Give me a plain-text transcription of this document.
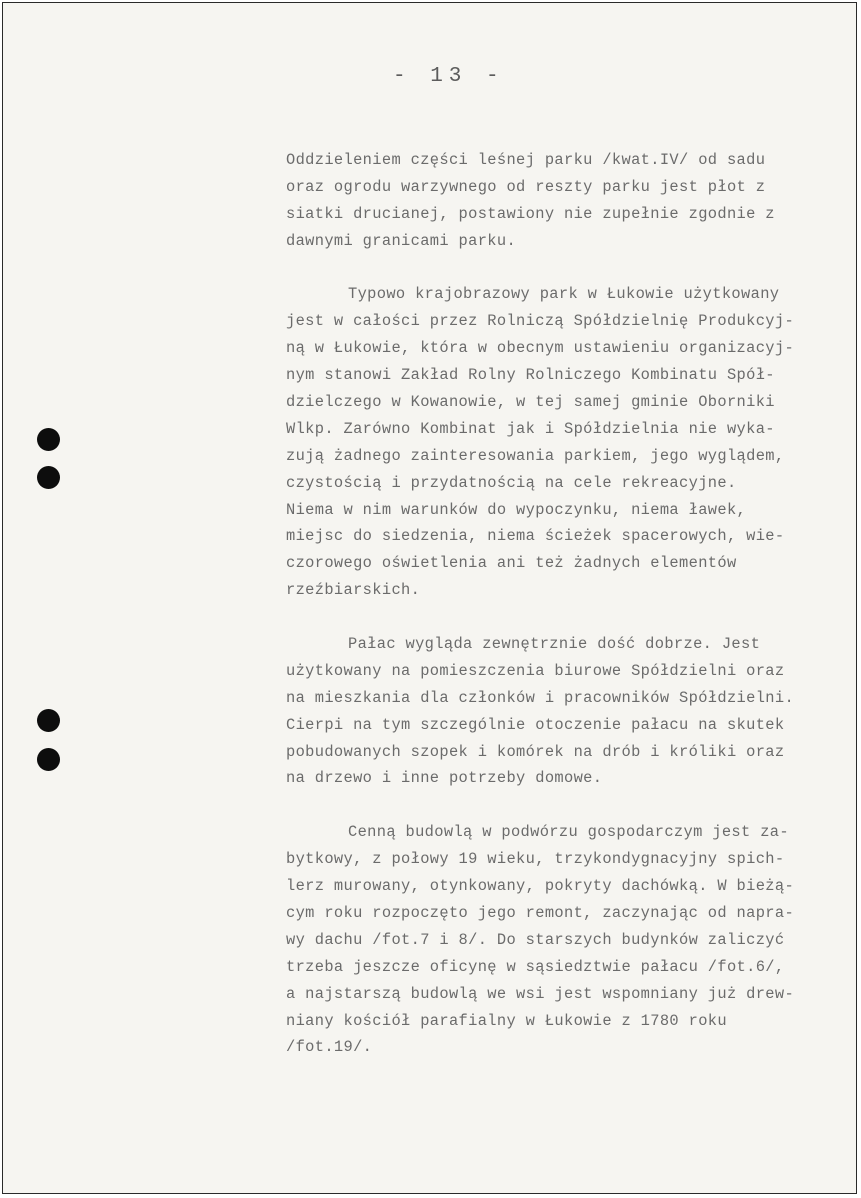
- 13 -
Oddzieleniem części leśnej parku /kwat.IV/ od sadu
oraz ogrodu warzywnego od reszty parku jest płot z
siatki drucianej, postawiony nie zupełnie zgodnie z
dawnymi granicami parku.
Typowo krajobrazowy park w Łukowie użytkowany
jest w całości przez Rolniczą Spółdzielnię Produkcyj-
ną w Łukowie, która w obecnym ustawieniu organizacyj-
nym stanowi Zakład Rolny Rolniczego Kombinatu Spół-
dzielczego w Kowanowie, w tej samej gminie Oborniki
Wlkp. Zarówno Kombinat jak i Spółdzielnia nie wyka-
zują żadnego zainteresowania parkiem, jego wyglądem,
czystością i przydatnością na cele rekreacyjne.
Niema w nim warunków do wypoczynku, niema ławek,
miejsc do siedzenia, niema ścieżek spacerowych, wie-
czorowego oświetlenia ani też żadnych elementów
rzeźbiarskich.
Pałac wygląda zewnętrznie dość dobrze. Jest
użytkowany na pomieszczenia biurowe Spółdzielni oraz
na mieszkania dla członków i pracowników Spółdzielni.
Cierpi na tym szczególnie otoczenie pałacu na skutek
pobudowanych szopek i komórek na drób i króliki oraz
na drzewo i inne potrzeby domowe.
Cenną budowlą w podwórzu gospodarczym jest za-
bytkowy, z połowy 19 wieku, trzykondygnacyjny spich-
lerz murowany, otynkowany, pokryty dachówką. W bieżą-
cym roku rozpoczęto jego remont, zaczynając od napra-
wy dachu /fot.7 i 8/. Do starszych budynków zaliczyć
trzeba jeszcze oficynę w sąsiedztwie pałacu /fot.6/,
a najstarszą budowlą we wsi jest wspomniany już drew-
niany kościół parafialny w Łukowie z 1780 roku
/fot.19/.
